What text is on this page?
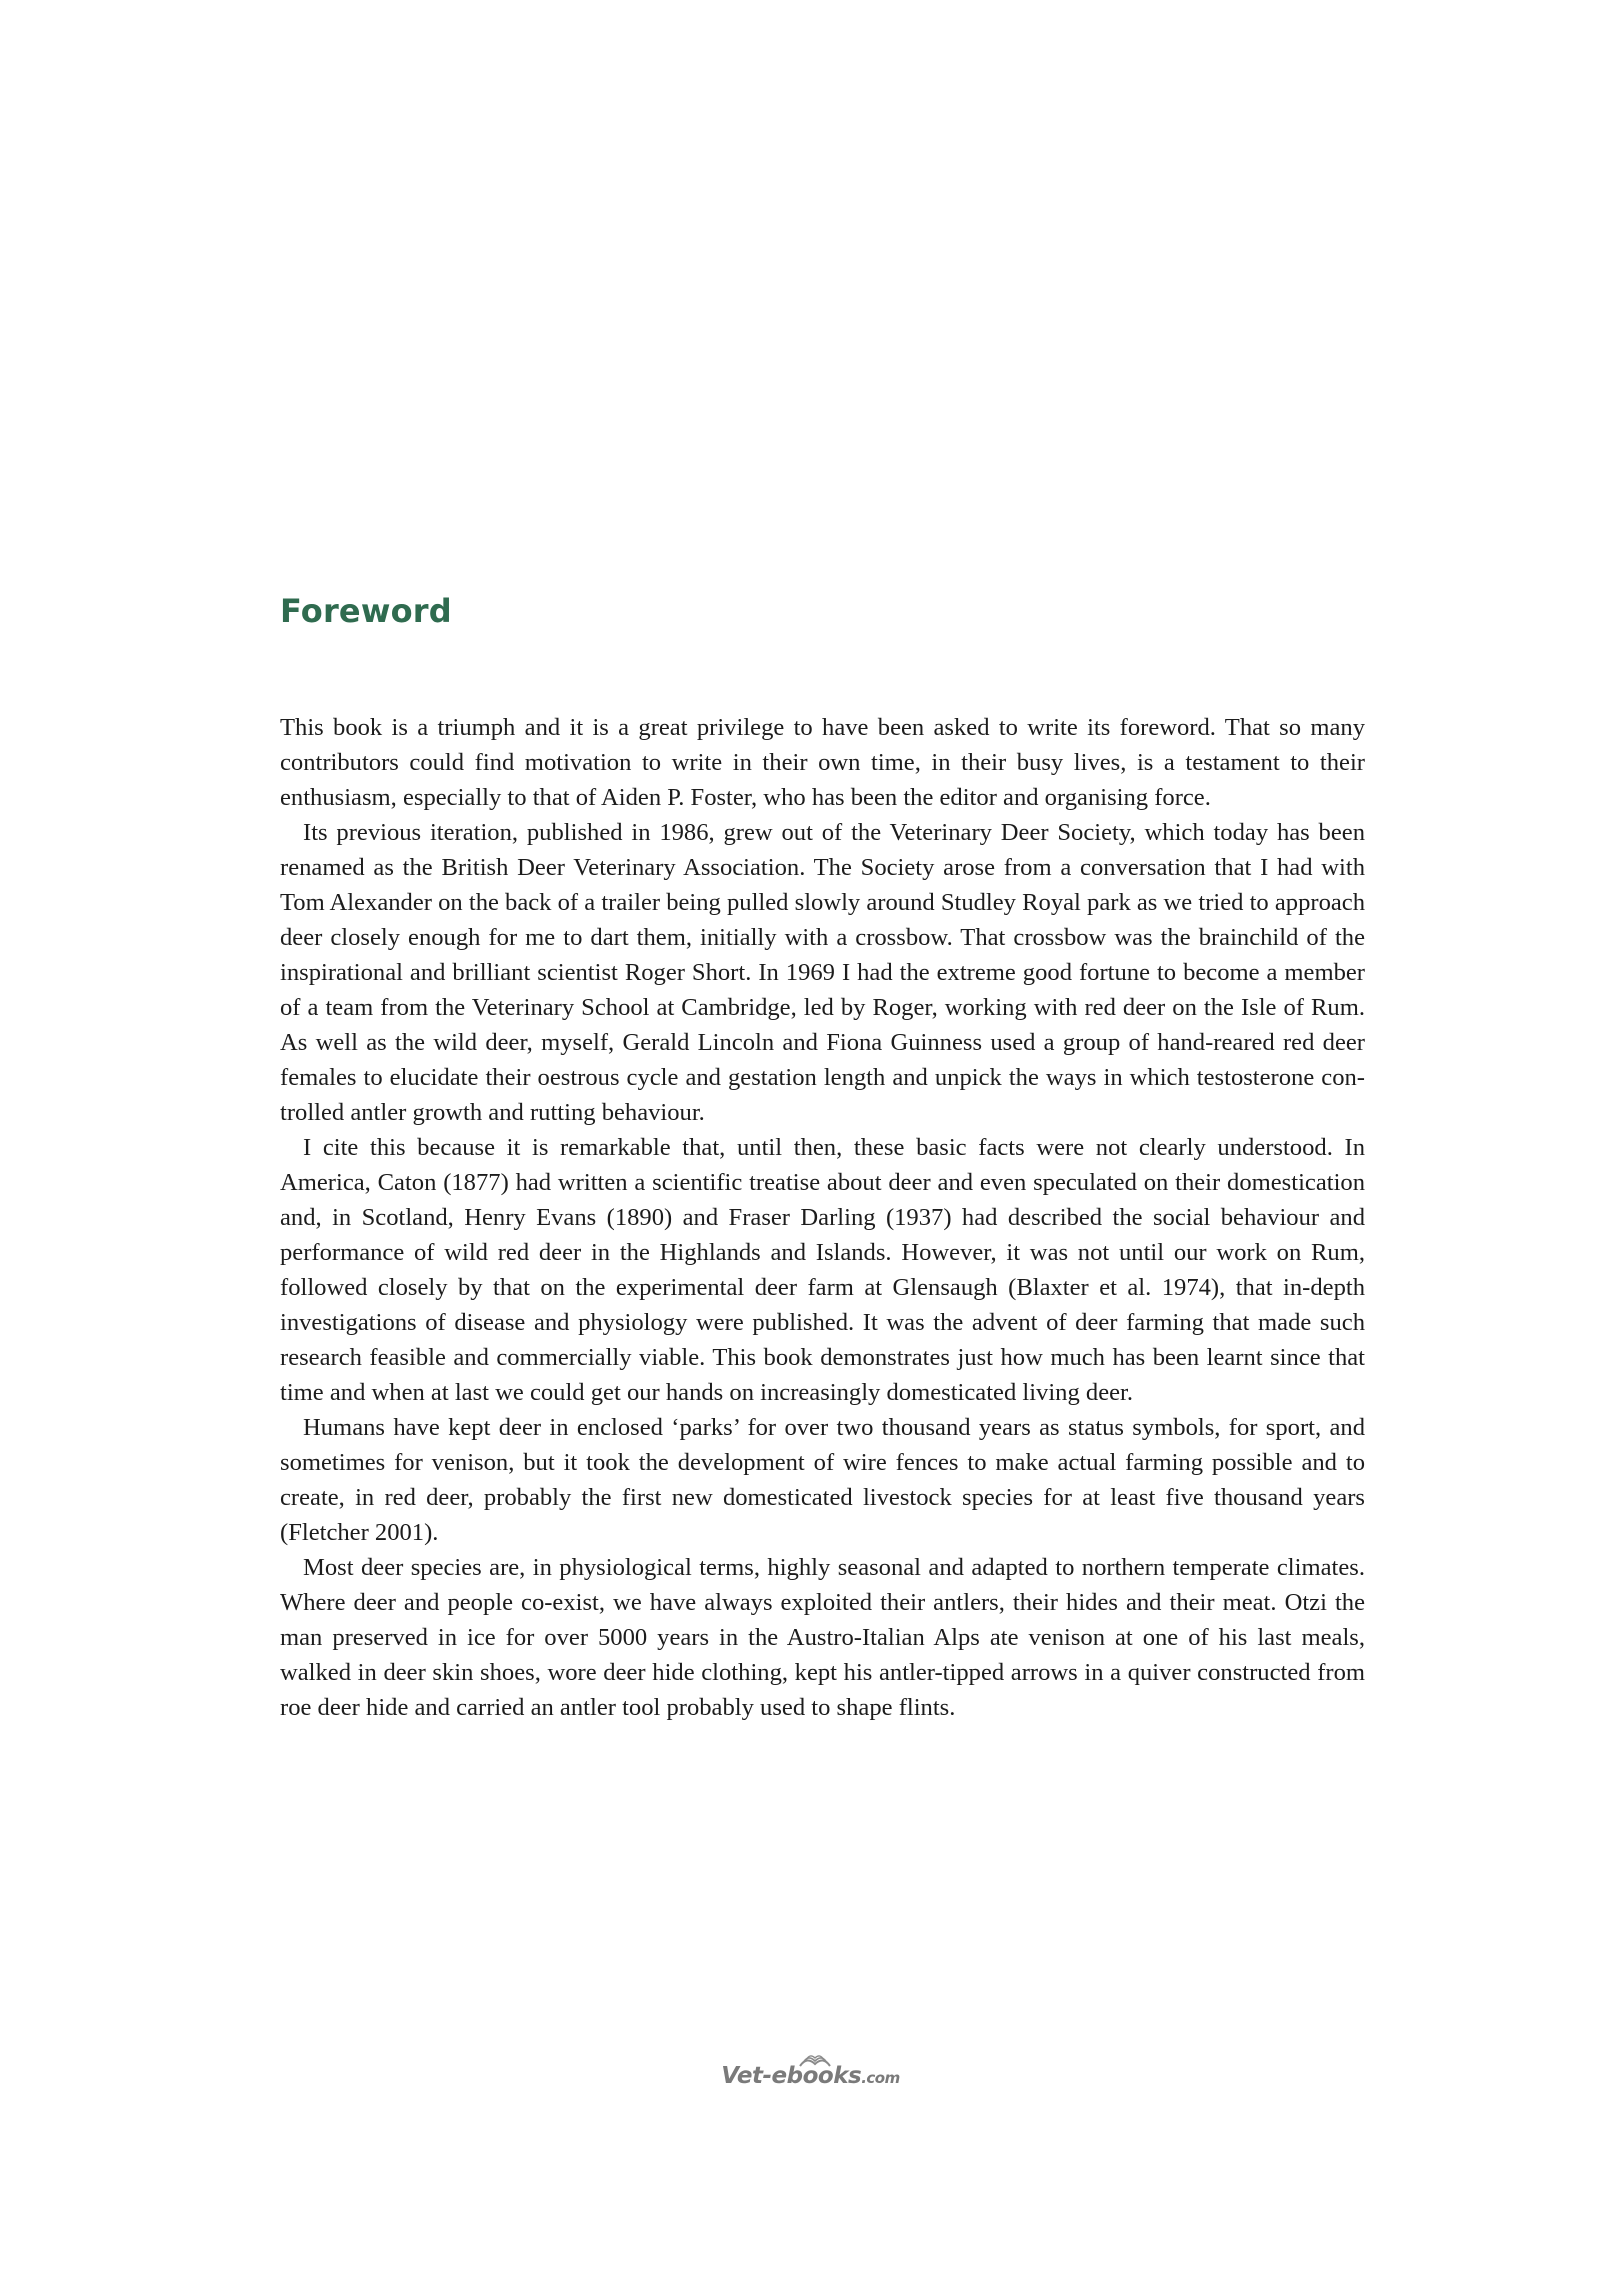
Foreword

This book is a triumph and it is a great privilege to have been asked to write its foreword. That so many contributors could find motivation to write in their own time, in their busy lives, is a testament to their enthusiasm, especially to that of Aiden P. Foster, who has been the editor and organising force.

Its previous iteration, published in 1986, grew out of the Veterinary Deer Society, which today has been renamed as the British Deer Veterinary Association. The Society arose from a conversation that I had with Tom Alexander on the back of a trailer being pulled slowly around Studley Royal park as we tried to approach deer closely enough for me to dart them, initially with a crossbow. That crossbow was the brainchild of the inspirational and brilliant scientist Roger Short. In 1969 I had the extreme good fortune to become a member of a team from the Veterinary School at Cambridge, led by Roger, working with red deer on the Isle of Rum. As well as the wild deer, myself, Gerald Lincoln and Fiona Guinness used a group of hand-reared red deer females to elucidate their oestrous cycle and gestation length and unpick the ways in which testosterone controlled antler growth and rutting behaviour.

I cite this because it is remarkable that, until then, these basic facts were not clearly understood. In America, Caton (1877) had written a scientific treatise about deer and even speculated on their domestication and, in Scotland, Henry Evans (1890) and Fraser Darling (1937) had described the social behaviour and performance of wild red deer in the Highlands and Islands. However, it was not until our work on Rum, followed closely by that on the experimental deer farm at Glensaugh (Blaxter et al. 1974), that in-depth investigations of disease and physiology were published. It was the advent of deer farming that made such research feasible and commercially viable. This book demonstrates just how much has been learnt since that time and when at last we could get our hands on increasingly domesticated living deer.

Humans have kept deer in enclosed ‘parks’ for over two thousand years as status symbols, for sport, and sometimes for venison, but it took the development of wire fences to make actual farming possible and to create, in red deer, probably the first new domesticated livestock species for at least five thousand years (Fletcher 2001).

Most deer species are, in physiological terms, highly seasonal and adapted to northern temperate climates. Where deer and people co-exist, we have always exploited their antlers, their hides and their meat. Otzi the man preserved in ice for over 5000 years in the Austro-Italian Alps ate venison at one of his last meals, walked in deer skin shoes, wore deer hide clothing, kept his antler-tipped arrows in a quiver constructed from roe deer hide and carried an antler tool probably used to shape flints.

Vet-ebooks.com
